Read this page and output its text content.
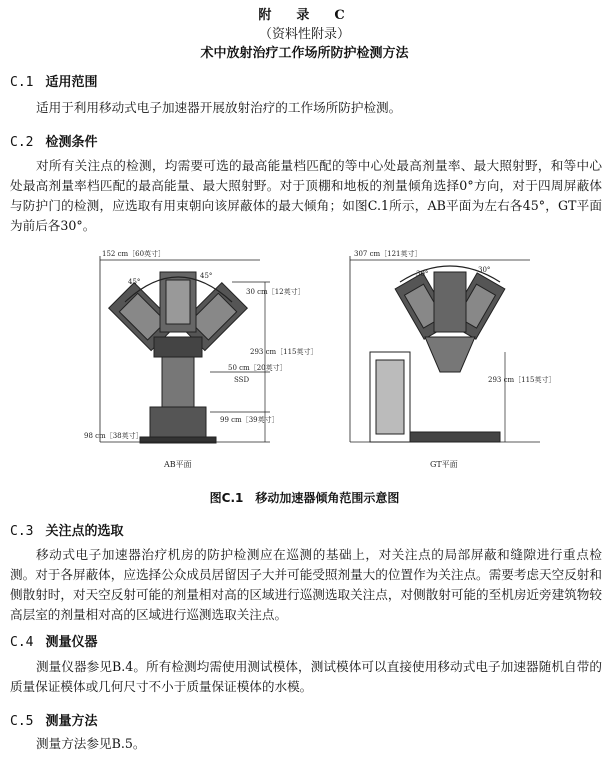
附　录　C
（资料性附录）
术中放射治疗工作场所防护检测方法
C.1 适用范围
适用于利用移动式电子加速器开展放射治疗的工作场所防护检测。
C.2 检测条件
对所有关注点的检测，均需要可选的最高能量档匹配的等中心处最高剂量率、最大照射野，和等中心处最高剂量率档匹配的最高能量、最大照射野。对于顶棚和地板的剂量倾角选择0°方向，对于四周屏蔽体与防护门的检测，应选取有用束朝向该屏蔽体的最大倾角；如图C.1所示，AB平面为左右各45°，GT平面为前后各30°。
152 cm［60英寸］
45°
45°
30 cm［12英寸］
293 cm［115英寸］
50 cm［20英寸］
SSD
99 cm［39英寸］
98 cm［38英寸］
AB平面
307 cm［121英寸］
30°	30°
293 cm［115英寸］
GT平面
图C.1　移动加速器倾角范围示意图
C.3 关注点的选取
移动式电子加速器治疗机房的防护检测应在巡测的基础上，对关注点的局部屏蔽和缝隙进行重点检测。对于各屏蔽体，应选择公众成员居留因子大并可能受照剂量大的位置作为关注点。需要考虑天空反射和侧散射时，对天空反射可能的剂量相对高的区域进行巡测选取关注点，对侧散射可能的至机房近旁建筑物较高层室的剂量相对高的区域进行巡测选取关注点。
C.4 测量仪器
测量仪器参见B.4。所有检测均需使用测试模体，测试模体可以直接使用移动式电子加速器随机自带的质量保证模体或几何尺寸不小于质量保证模体的水模。
C.5 测量方法
测量方法参见B.5。
